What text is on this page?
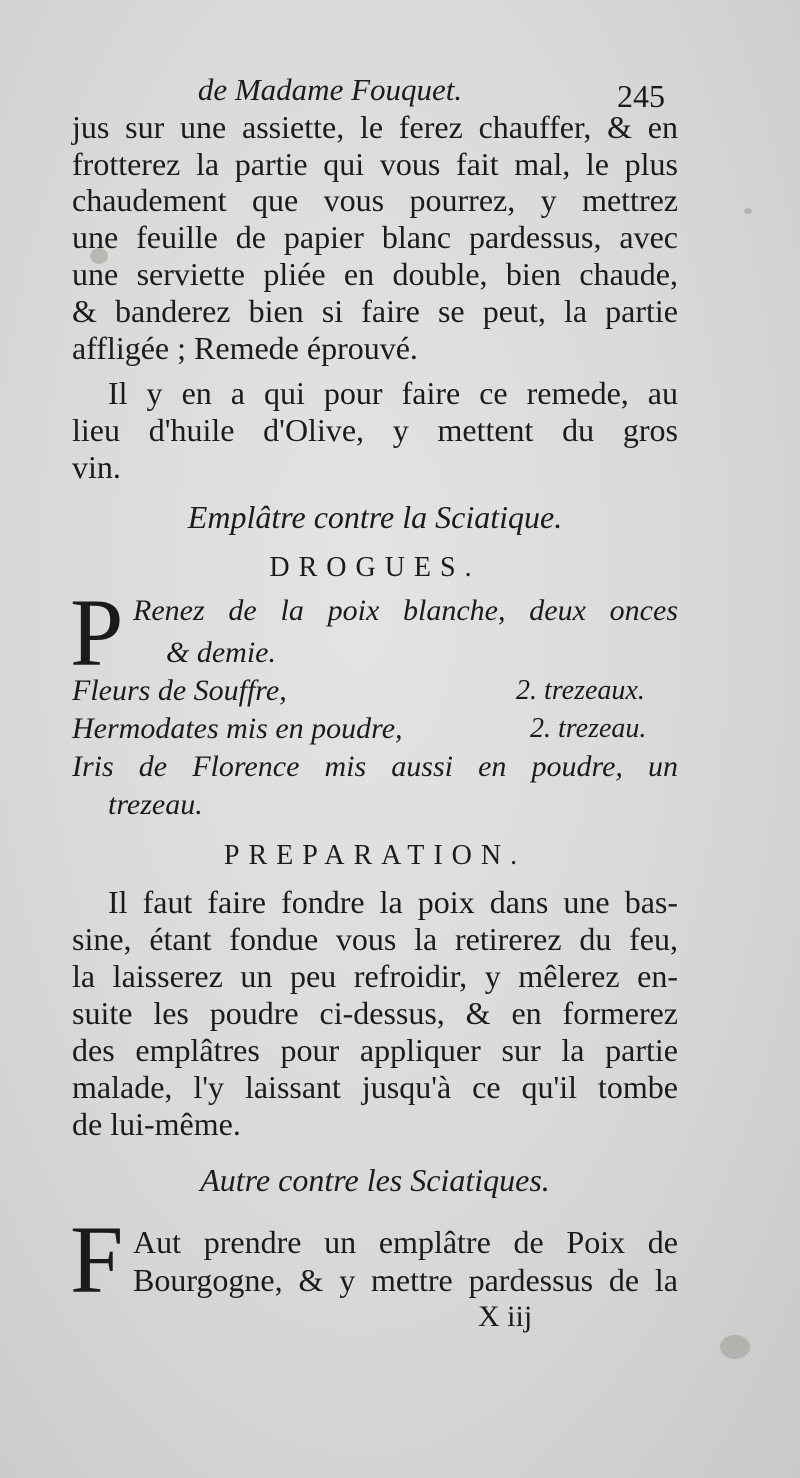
de Madame Fouquet.	245
jus sur une assiette, le ferez chauffer, & en
frotterez la partie qui vous fait mal, le plus
chaudement que vous pourrez, y mettrez
une feuille de papier blanc pardessus, avec
une serviette pliée en double, bien chaude,
& banderez bien si faire se peut, la partie
affligée ; Remede éprouvé.
Il y en a qui pour faire ce remede, au
lieu d'huile d'Olive, y mettent du gros
vin.
Emplâtre contre la Sciatique.
DROGUES.
P Renez de la poix blanche, deux onces
& demie.
Fleurs de Souffre,	2. trezeaux.
Hermodates mis en poudre,	2. trezeau.
Iris de Florence mis aussi en poudre, un
trezeau.
PREPARATION.
Il faut faire fondre la poix dans une bas-
sine, étant fondue vous la retirerez du feu,
la laisserez un peu refroidir, y mêlerez en-
suite les poudre ci-dessus, & en formerez
des emplâtres pour appliquer sur la partie
malade, l'y laissant jusqu'à ce qu'il tombe
de lui-même.
Autre contre les Sciatiques.
F Aut prendre un emplâtre de Poix de
Bourgogne, & y mettre pardessus de la
X iij
